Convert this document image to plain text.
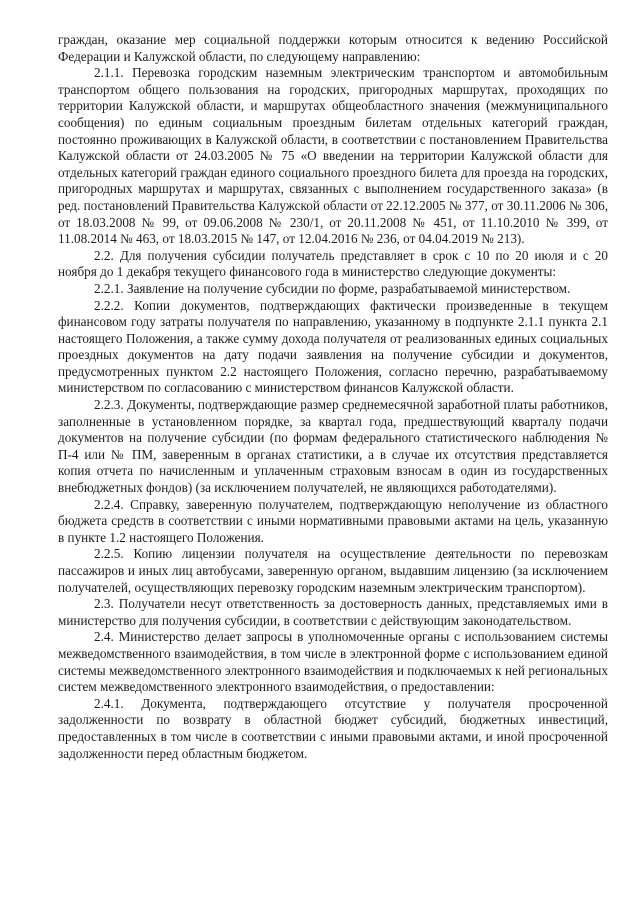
граждан, оказание мер социальной поддержки которым относится к ведению Российской Федерации и Калужской области, по следующему направлению:

2.1.1. Перевозка городским наземным электрическим транспортом и автомобильным транспортом общего пользования на городских, пригородных маршрутах, проходящих по территории Калужской области, и маршрутах общеобластного значения (межмуниципального сообщения) по единым социальным проездным билетам отдельных категорий граждан, постоянно проживающих в Калужской области, в соответствии с постановлением Правительства Калужской области от 24.03.2005 № 75 «О введении на территории Калужской области для отдельных категорий граждан единого социального проездного билета для проезда на городских, пригородных маршрутах и маршрутах, связанных с выполнением государственного заказа» (в ред. постановлений Правительства Калужской области от 22.12.2005 № 377, от 30.11.2006 № 306, от 18.03.2008 № 99, от 09.06.2008 № 230/1, от 20.11.2008 № 451, от 11.10.2010 № 399, от 11.08.2014 № 463, от 18.03.2015 № 147, от 12.04.2016 № 236, от 04.04.2019 № 213).

2.2. Для получения субсидии получатель представляет в срок с 10 по 20 июля и с 20 ноября до 1 декабря текущего финансового года в министерство следующие документы:

2.2.1. Заявление на получение субсидии по форме, разрабатываемой министерством.

2.2.2. Копии документов, подтверждающих фактически произведенные в текущем финансовом году затраты получателя по направлению, указанному в подпункте 2.1.1 пункта 2.1 настоящего Положения, а также сумму дохода получателя от реализованных единых социальных проездных документов на дату подачи заявления на получение субсидии и документов, предусмотренных пунктом 2.2 настоящего Положения, согласно перечню, разрабатываемому министерством по согласованию с министерством финансов Калужской области.

2.2.3. Документы, подтверждающие размер среднемесячной заработной платы работников, заполненные в установленном порядке, за квартал года, предшествующий кварталу подачи документов на получение субсидии (по формам федерального статистического наблюдения № П-4 или № ПМ, заверенным в органах статистики, а в случае их отсутствия представляется копия отчета по начисленным и уплаченным страховым взносам в один из государственных внебюджетных фондов) (за исключением получателей, не являющихся работодателями).

2.2.4. Справку, заверенную получателем, подтверждающую неполучение из областного бюджета средств в соответствии с иными нормативными правовыми актами на цель, указанную в пункте 1.2 настоящего Положения.

2.2.5. Копию лицензии получателя на осуществление деятельности по перевозкам пассажиров и иных лиц автобусами, заверенную органом, выдавшим лицензию (за исключением получателей, осуществляющих перевозку городским наземным электрическим транспортом).

2.3. Получатели несут ответственность за достоверность данных, представляемых ими в министерство для получения субсидии, в соответствии с действующим законодательством.

2.4. Министерство делает запросы в уполномоченные органы с использованием системы межведомственного взаимодействия, в том числе в электронной форме с использованием единой системы межведомственного электронного взаимодействия и подключаемых к ней региональных систем межведомственного электронного взаимодействия, о предоставлении:

2.4.1. Документа, подтверждающего отсутствие у получателя просроченной задолженности по возврату в областной бюджет субсидий, бюджетных инвестиций, предоставленных в том числе в соответствии с иными правовыми актами, и иной просроченной задолженности перед областным бюджетом.
